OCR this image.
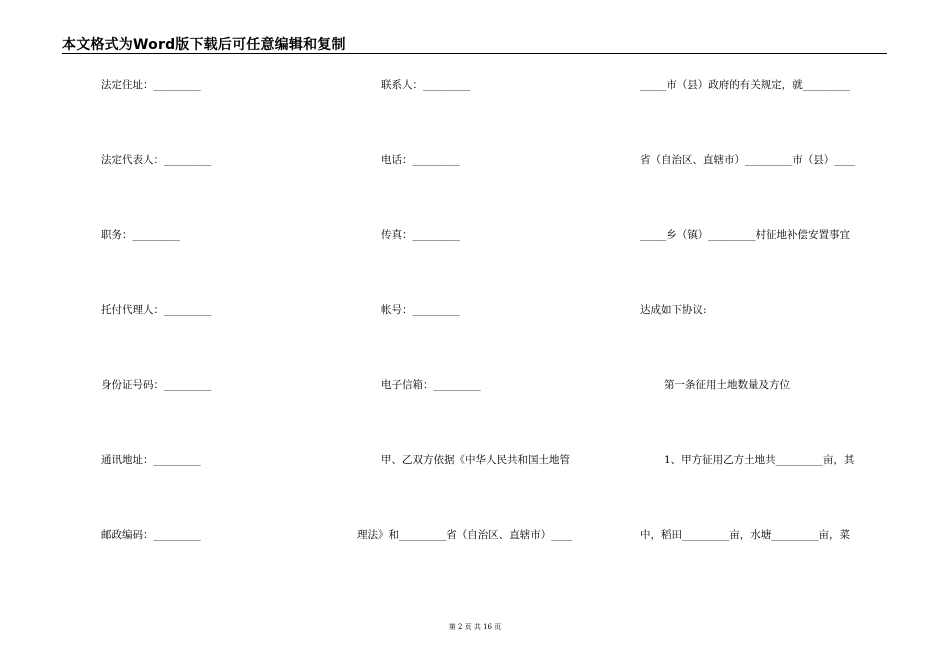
本文格式为Word版下载后可任意编辑和复制
法定住址：_________
法定代表人：_________
职务：_________
托付代理人：_________
身份证号码：_________
通讯地址：_________
邮政编码：_________
联系人：_________
电话：_________
传真：_________
帐号：_________
电子信箱：_________
甲、乙双方依据《中华人民共和国土地管
理法》和_________省（自治区、直辖市）____
_____市（县）政府的有关规定，就_________
省（自治区、直辖市）_________市（县）____
_____乡（镇）_________村征地补偿安置事宜
达成如下协议:
第一条征用土地数量及方位
1、甲方征用乙方土地共_________亩，其
中，稻田_________亩，水塘_________亩，菜
第 2 页 共 16 页
